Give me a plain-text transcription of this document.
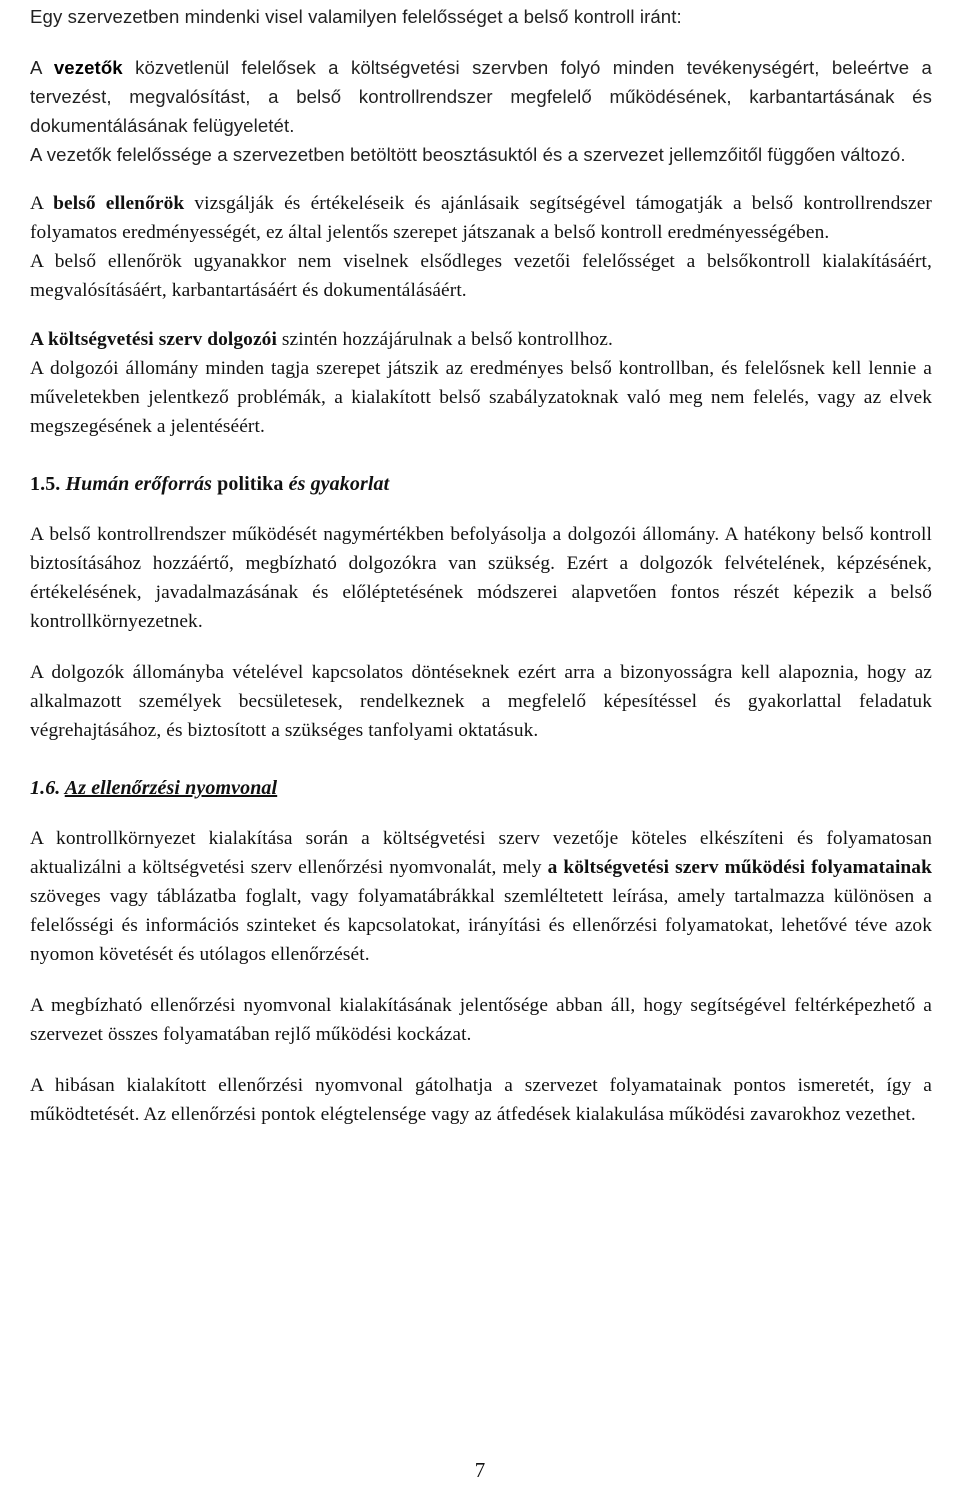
Egy szervezetben mindenki visel valamilyen felelősséget a belső kontroll iránt:

A vezetők közvetlenül felelősek a költségvetési szervben folyó minden tevékenységért, beleértve a tervezést, megvalósítást, a belső kontrollrendszer megfelelő működésének, karbantartásának és dokumentálásának felügyeletét.

A vezetők felelőssége a szervezetben betöltött beosztásuktól és a szervezet jellemzőitől függően változó.

A belső ellenőrök vizsgálják és értékeléseik és ajánlásaik segítségével támogatják a belső kontrollrendszer folyamatos eredményességét, ez által jelentős szerepet játszanak a belső kontroll eredményességében.

A belső ellenőrök ugyanakkor nem viselnek elsődleges vezetői felelősséget a belsőkontroll kialakításáért, megvalósításáért, karbantartásáért és dokumentálásáért.

A költségvetési szerv dolgozói szintén hozzájárulnak a belső kontrollhoz.

A dolgozói állomány minden tagja szerepet játszik az eredményes belső kontrollban, és felelősnek kell lennie a műveletekben jelentkező problémák, a kialakított belső szabályzatoknak való meg nem felelés, vagy az elvek megszegésének a jelentéséért.

1.5. Humán erőforrás politika és gyakorlat

A belső kontrollrendszer működését nagymértékben befolyásolja a dolgozói állomány. A hatékony belső kontroll biztosításához hozzáértő, megbízható dolgozókra van szükség. Ezért a dolgozók felvételének, képzésének, értékelésének, javadalmazásának és előléptetésének módszerei alapvetően fontos részét képezik a belső kontrollkörnyezetnek.

A dolgozók állományba vételével kapcsolatos döntéseknek ezért arra a bizonyosságra kell alapoznia, hogy az alkalmazott személyek becsületesek, rendelkeznek a megfelelő képesítéssel és gyakorlattal feladatuk végrehajtásához, és biztosított a szükséges tanfolyami oktatásuk.

1.6. Az ellenőrzési nyomvonal

A kontrollkörnyezet kialakítása során a költségvetési szerv vezetője köteles elkészíteni és folyamatosan aktualizálni a költségvetési szerv ellenőrzési nyomvonalát, mely a költségvetési szerv működési folyamatainak szöveges vagy táblázatba foglalt, vagy folyamatábrákkal szemléltetett leírása, amely tartalmazza különösen a felelősségi és információs szinteket és kapcsolatokat, irányítási és ellenőrzési folyamatokat, lehetővé téve azok nyomon követését és utólagos ellenőrzését.

A megbízható ellenőrzési nyomvonal kialakításának jelentősége abban áll, hogy segítségével feltérképezhető a szervezet összes folyamatában rejlő működési kockázat.

A hibásan kialakított ellenőrzési nyomvonal gátolhatja a szervezet folyamatainak pontos ismeretét, így a működtetését. Az ellenőrzési pontok elégtelensége vagy az átfedések kialakulása működési zavarokhoz vezethet.

7
